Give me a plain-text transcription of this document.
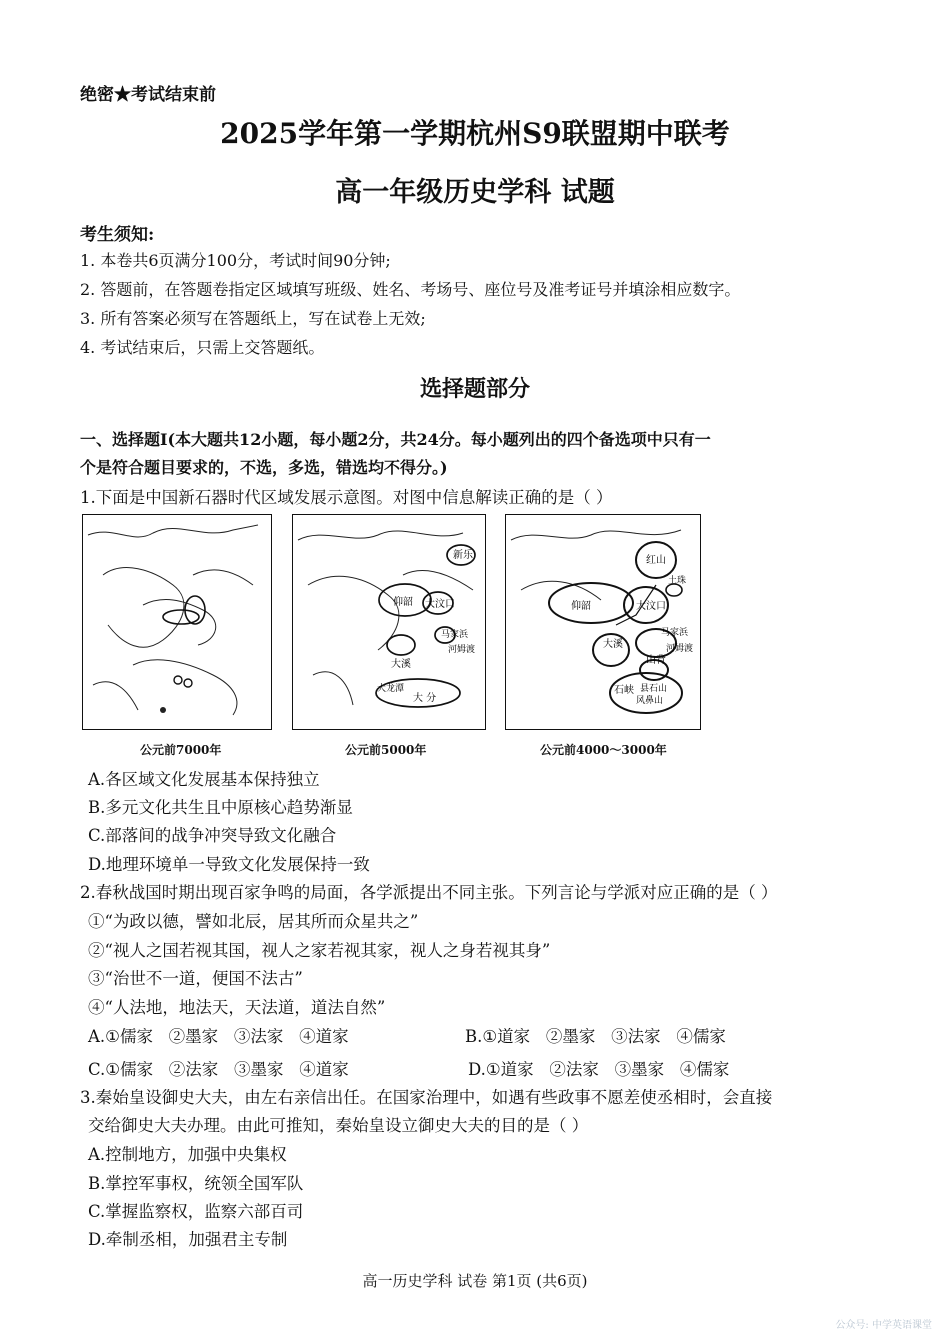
绝密★考试结束前
2025学年第一学期杭州S9联盟期中联考
高一年级历史学科 试题
考生须知:
1. 本卷共6页满分100分，考试时间90分钟;
2. 答题前，在答题卷指定区域填写班级、姓名、考场号、座位号及准考证号并填涂相应数字。
3. 所有答案必须写在答题纸上，写在试卷上无效;
4. 考试结束后，只需上交答题纸。
选择题部分
一、选择题Ⅰ(本大题共12小题，每小题2分，共24分。每小题列出的四个备选项中只有一
个是符合题目要求的，不选，多选，错选均不得分。)
1.下面是中国新石器时代区域发展示意图。对图中信息解读正确的是（ ）
新乐
仰韶 大汶口
马家浜
河姆渡
大溪
大龙潭
大 分
红山
土珠
仰韶	大汶口
马家浜
河姆渡
大溪
山背
石峡 县石山
风鼻山
公元前7000年	公元前5000年	公元前4000～3000年
A.各区域文化发展基本保持独立
B.多元文化共生且中原核心趋势渐显
C.部落间的战争冲突导致文化融合
D.地理环境单一导致文化发展保持一致
2.春秋战国时期出现百家争鸣的局面，各学派提出不同主张。下列言论与学派对应正确的是（ ）
①“为政以德，譬如北辰，居其所而众星共之”
②“视人之国若视其国，视人之家若视其家，视人之身若视其身”
③“治世不一道，便国不法古”
④“人法地，地法天，天法道，道法自然”
A.①儒家   ②墨家   ③法家   ④道家	B.①道家   ②墨家   ③法家   ④儒家
C.①儒家   ②法家   ③墨家   ④道家	D.①道家   ②法家   ③墨家   ④儒家
3.秦始皇设御史大夫，由左右亲信出任。在国家治理中，如遇有些政事不愿差使丞相时，会直接
交给御史大夫办理。由此可推知，秦始皇设立御史大夫的目的是（ ）
A.控制地方，加强中央集权
B.掌控军事权，统领全国军队
C.掌握监察权，监察六部百司
D.牵制丞相，加强君主专制
高一历史学科 试卷 第1页 (共6页)
公众号: 中学英语课堂
